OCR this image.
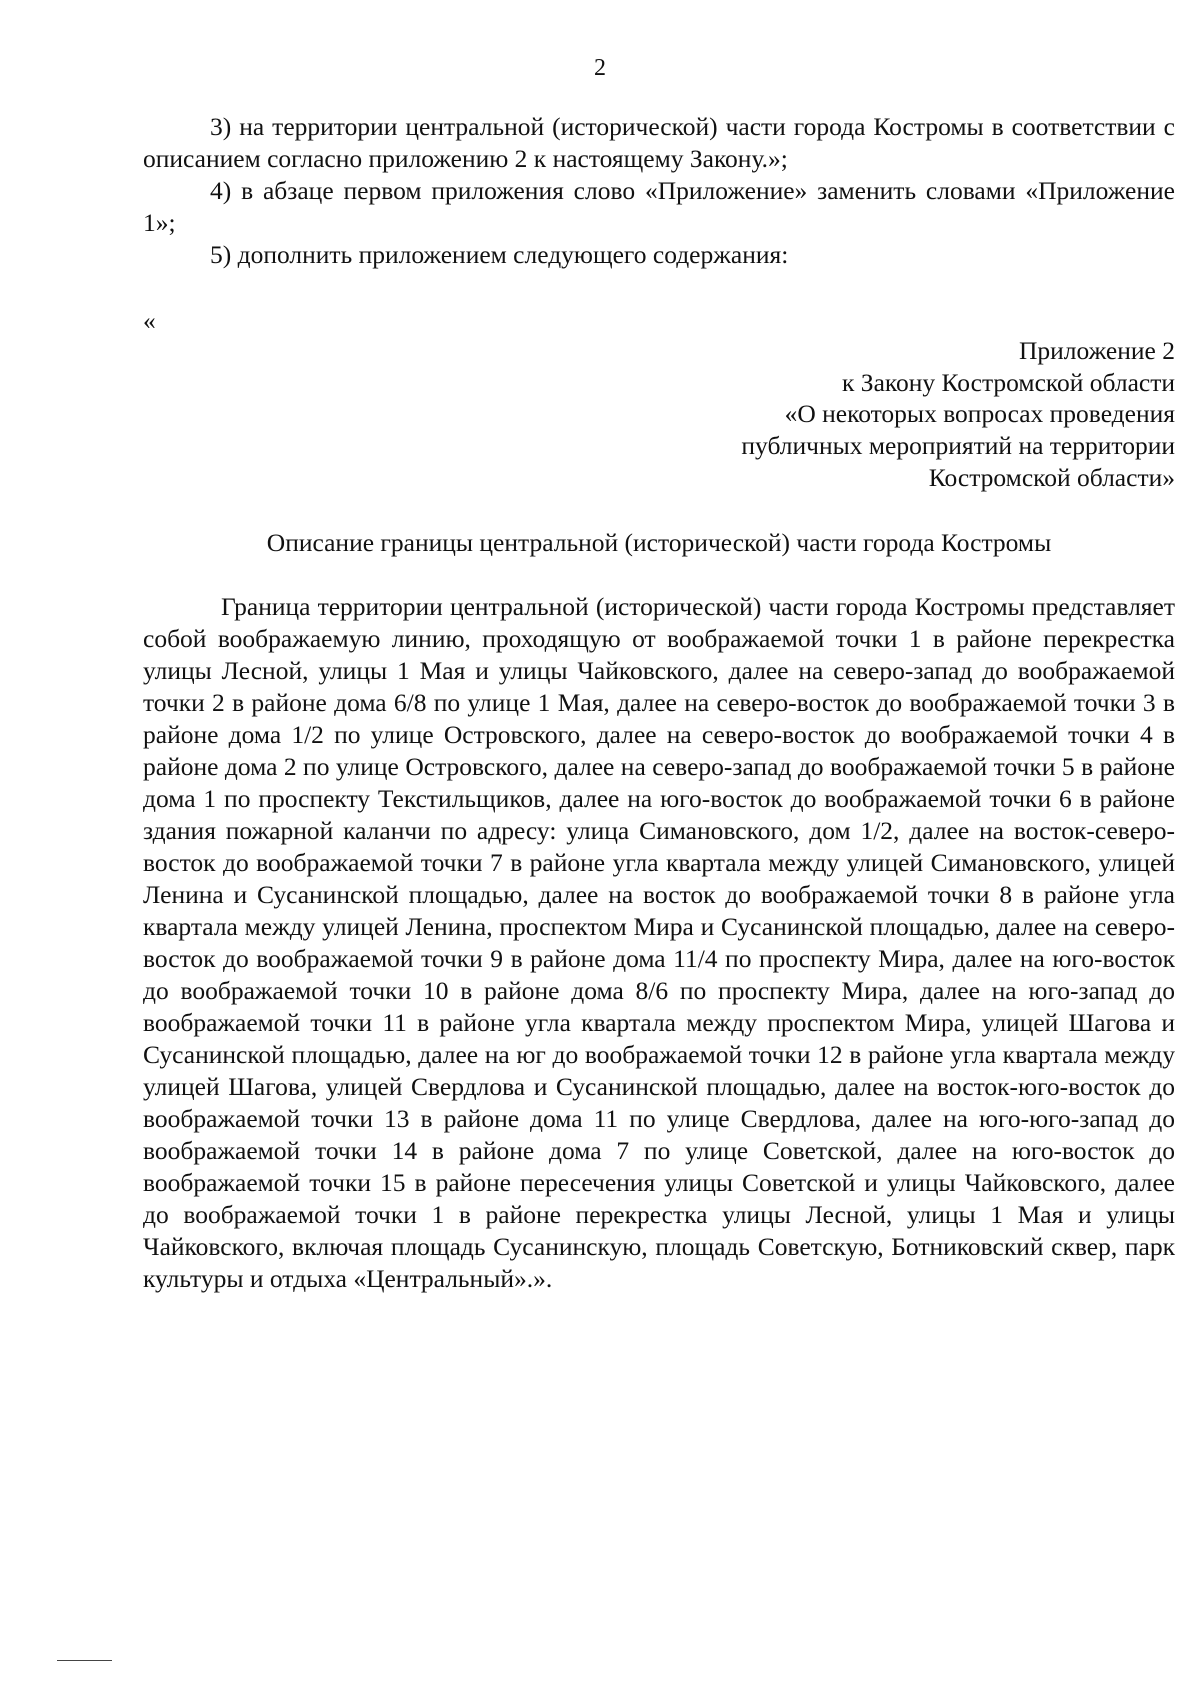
2

3) на территории центральной (исторической) части города Костромы в соответствии с описанием согласно приложению 2 к настоящему Закону.»;

4) в абзаце первом приложения слово «Приложение» заменить словами «Приложение 1»;

5) дополнить приложением следующего содержания:

«
Приложение 2
к Закону Костромской области
«О некоторых вопросах проведения
публичных мероприятий на территории
Костромской области»
Описание границы центральной (исторической) части города Костромы

Граница территории центральной (исторической) части города Костромы представляет собой воображаемую линию, проходящую от воображаемой точки 1 в районе перекрестка улицы Лесной, улицы 1 Мая и улицы Чайковского, далее на северо-запад до воображаемой точки 2 в районе дома 6/8 по улице 1 Мая, далее на северо-восток до воображаемой точки 3 в районе дома 1/2 по улице Островского, далее на северо-восток до воображаемой точки 4 в районе дома 2 по улице Островского, далее на северо-запад до воображаемой точки 5 в районе дома 1 по проспекту Текстильщиков, далее на юго-восток до воображаемой точки 6 в районе здания пожарной каланчи по адресу: улица Симановского, дом 1/2, далее на восток-северо-восток до воображаемой точки 7 в районе угла квартала между улицей Симановского, улицей Ленина и Сусанинской площадью, далее на восток до воображаемой точки 8 в районе угла квартала между улицей Ленина, проспектом Мира и Сусанинской площадью, далее на северо-восток до воображаемой точки 9 в районе дома 11/4 по проспекту Мира, далее на юго-восток до воображаемой точки 10 в районе дома 8/6 по проспекту Мира, далее на юго-запад до воображаемой точки 11 в районе угла квартала между проспектом Мира, улицей Шагова и Сусанинской площадью, далее на юг до воображаемой точки 12 в районе угла квартала между улицей Шагова, улицей Свердлова и Сусанинской площадью, далее на восток-юго-восток до воображаемой точки 13 в районе дома 11 по улице Свердлова, далее на юго-юго-запад до воображаемой точки 14 в районе дома 7 по улице Советской, далее на юго-восток до воображаемой точки 15 в районе пересечения улицы Советской и улицы Чайковского, далее до воображаемой точки 1 в районе перекрестка улицы Лесной, улицы 1 Мая и улицы Чайковского, включая площадь Сусанинскую, площадь Советскую, Ботниковский сквер, парк культуры и отдыха «Центральный».».
